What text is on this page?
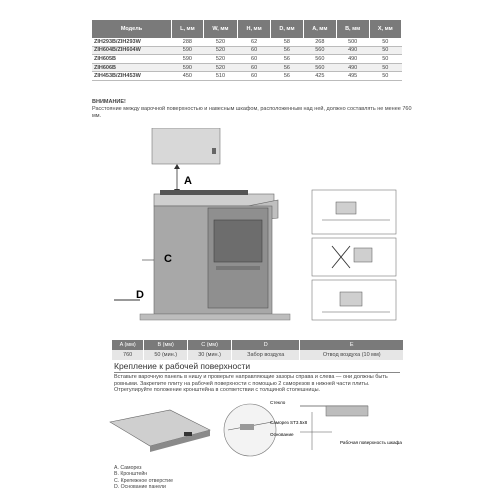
Модель	L, мм	W, мм	H, мм	D, мм	A, мм	B, мм	X, мм
ZIH293B/ZIH293W	288	520	62	58	268	500	50
ZIH604B/ZIH604W	590	520	60	56	560	490	50
ZIH605B	590	520	60	56	560	490	50
ZIH606B	590	520	60	56	560	490	50
ZIH453B/ZIH453W	450	510	60	56	425	495	50
ВНИМАНИЕ!
Расстояние между варочной поверхностью и навесным шкафом, расположенным над ней, должно составлять не менее 760 мм.
A
C
D
A (мм)	B (мм)	C (мм)	D	E
760	50 (мин.)	30 (мин.)	Забор воздуха	Отвод воздуха (10 мм)
Крепление к рабочей поверхности
Вставьте варочную панель в нишу и проверьте направляющие зазоры справа и слева — они должны быть ровными. Закрепите плиту на рабочей поверхности с помощью 2 саморезов в нижней части плиты. Отрегулируйте положение кронштейна в соответствии с толщиной столешницы.
Стекло
Саморез ST3.5x8
Основание
Рабочая поверхность шкафа
A. Саморез
B. Кронштейн
C. Крепежное отверстие
D. Основание панели
